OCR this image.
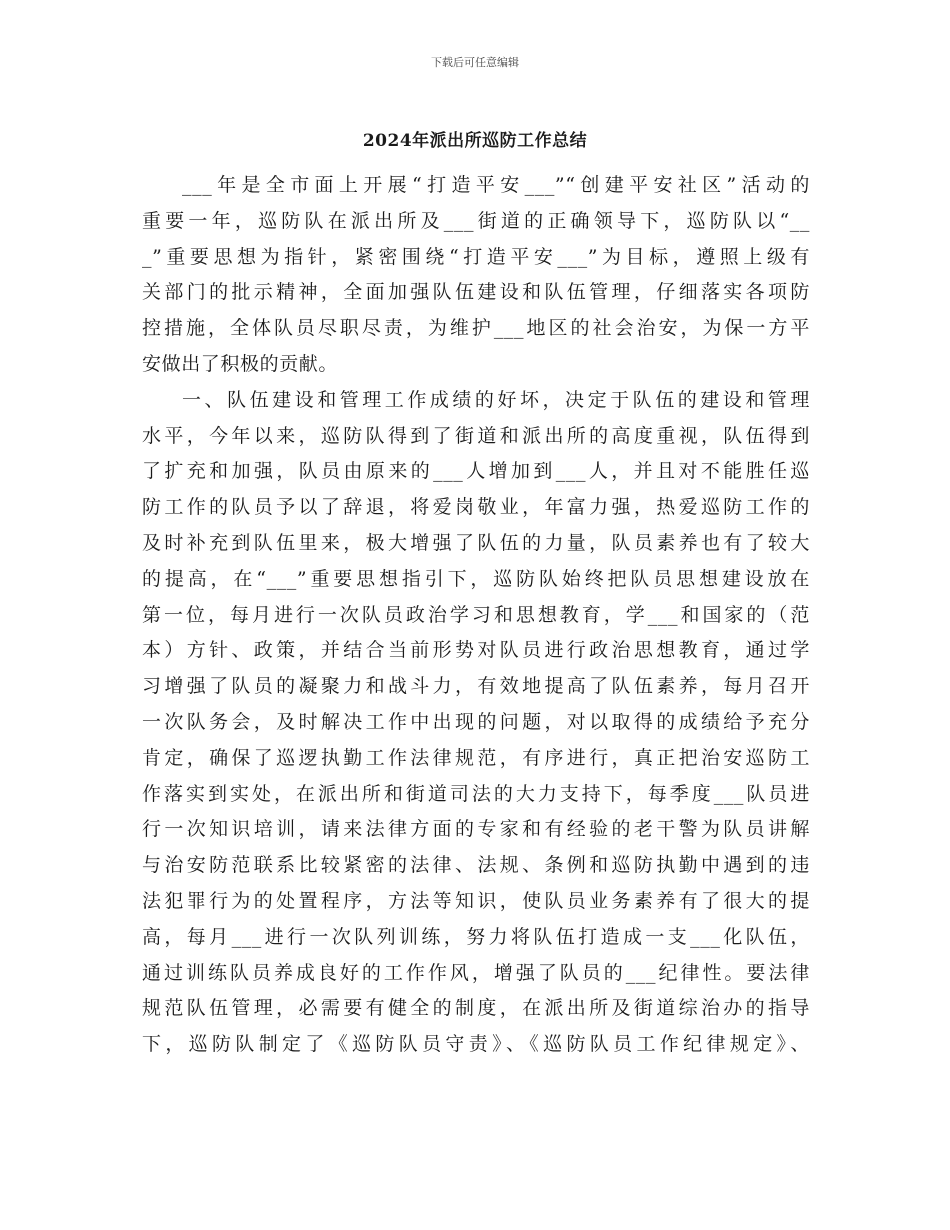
下载后可任意编辑
2024年派出所巡防工作总结
___年是全市面上开展“打造平安___”“创建平安社区”活动的
重要一年，巡防队在派出所及___街道的正确领导下，巡防队以“__
_”重要思想为指针，紧密围绕“打造平安___”为目标，遵照上级有
关部门的批示精神，全面加强队伍建设和队伍管理，仔细落实各项防
控措施，全体队员尽职尽责，为维护___地区的社会治安，为保一方平
安做出了积极的贡献。
一、队伍建设和管理工作成绩的好坏，决定于队伍的建设和管理
水平，今年以来，巡防队得到了街道和派出所的高度重视，队伍得到
了扩充和加强，队员由原来的___人增加到___人，并且对不能胜任巡
防工作的队员予以了辞退，将爱岗敬业，年富力强，热爱巡防工作的
及时补充到队伍里来，极大增强了队伍的力量，队员素养也有了较大
的提高，在“___”重要思想指引下，巡防队始终把队员思想建设放在
第一位，每月进行一次队员政治学习和思想教育，学___和国家的（范
本）方针、政策，并结合当前形势对队员进行政治思想教育，通过学
习增强了队员的凝聚力和战斗力，有效地提高了队伍素养，每月召开
一次队务会，及时解决工作中出现的问题，对以取得的成绩给予充分
肯定，确保了巡逻执勤工作法律规范，有序进行，真正把治安巡防工
作落实到实处，在派出所和街道司法的大力支持下，每季度___队员进
行一次知识培训，请来法律方面的专家和有经验的老干警为队员讲解
与治安防范联系比较紧密的法律、法规、条例和巡防执勤中遇到的违
法犯罪行为的处置程序，方法等知识，使队员业务素养有了很大的提
高，每月___进行一次队列训练，努力将队伍打造成一支___化队伍，
通过训练队员养成良好的工作作风，增强了队员的___纪律性。要法律
规范队伍管理，必需要有健全的制度，在派出所及街道综治办的指导
下，巡防队制定了《巡防队员守责》、《巡防队员工作纪律规定》、
